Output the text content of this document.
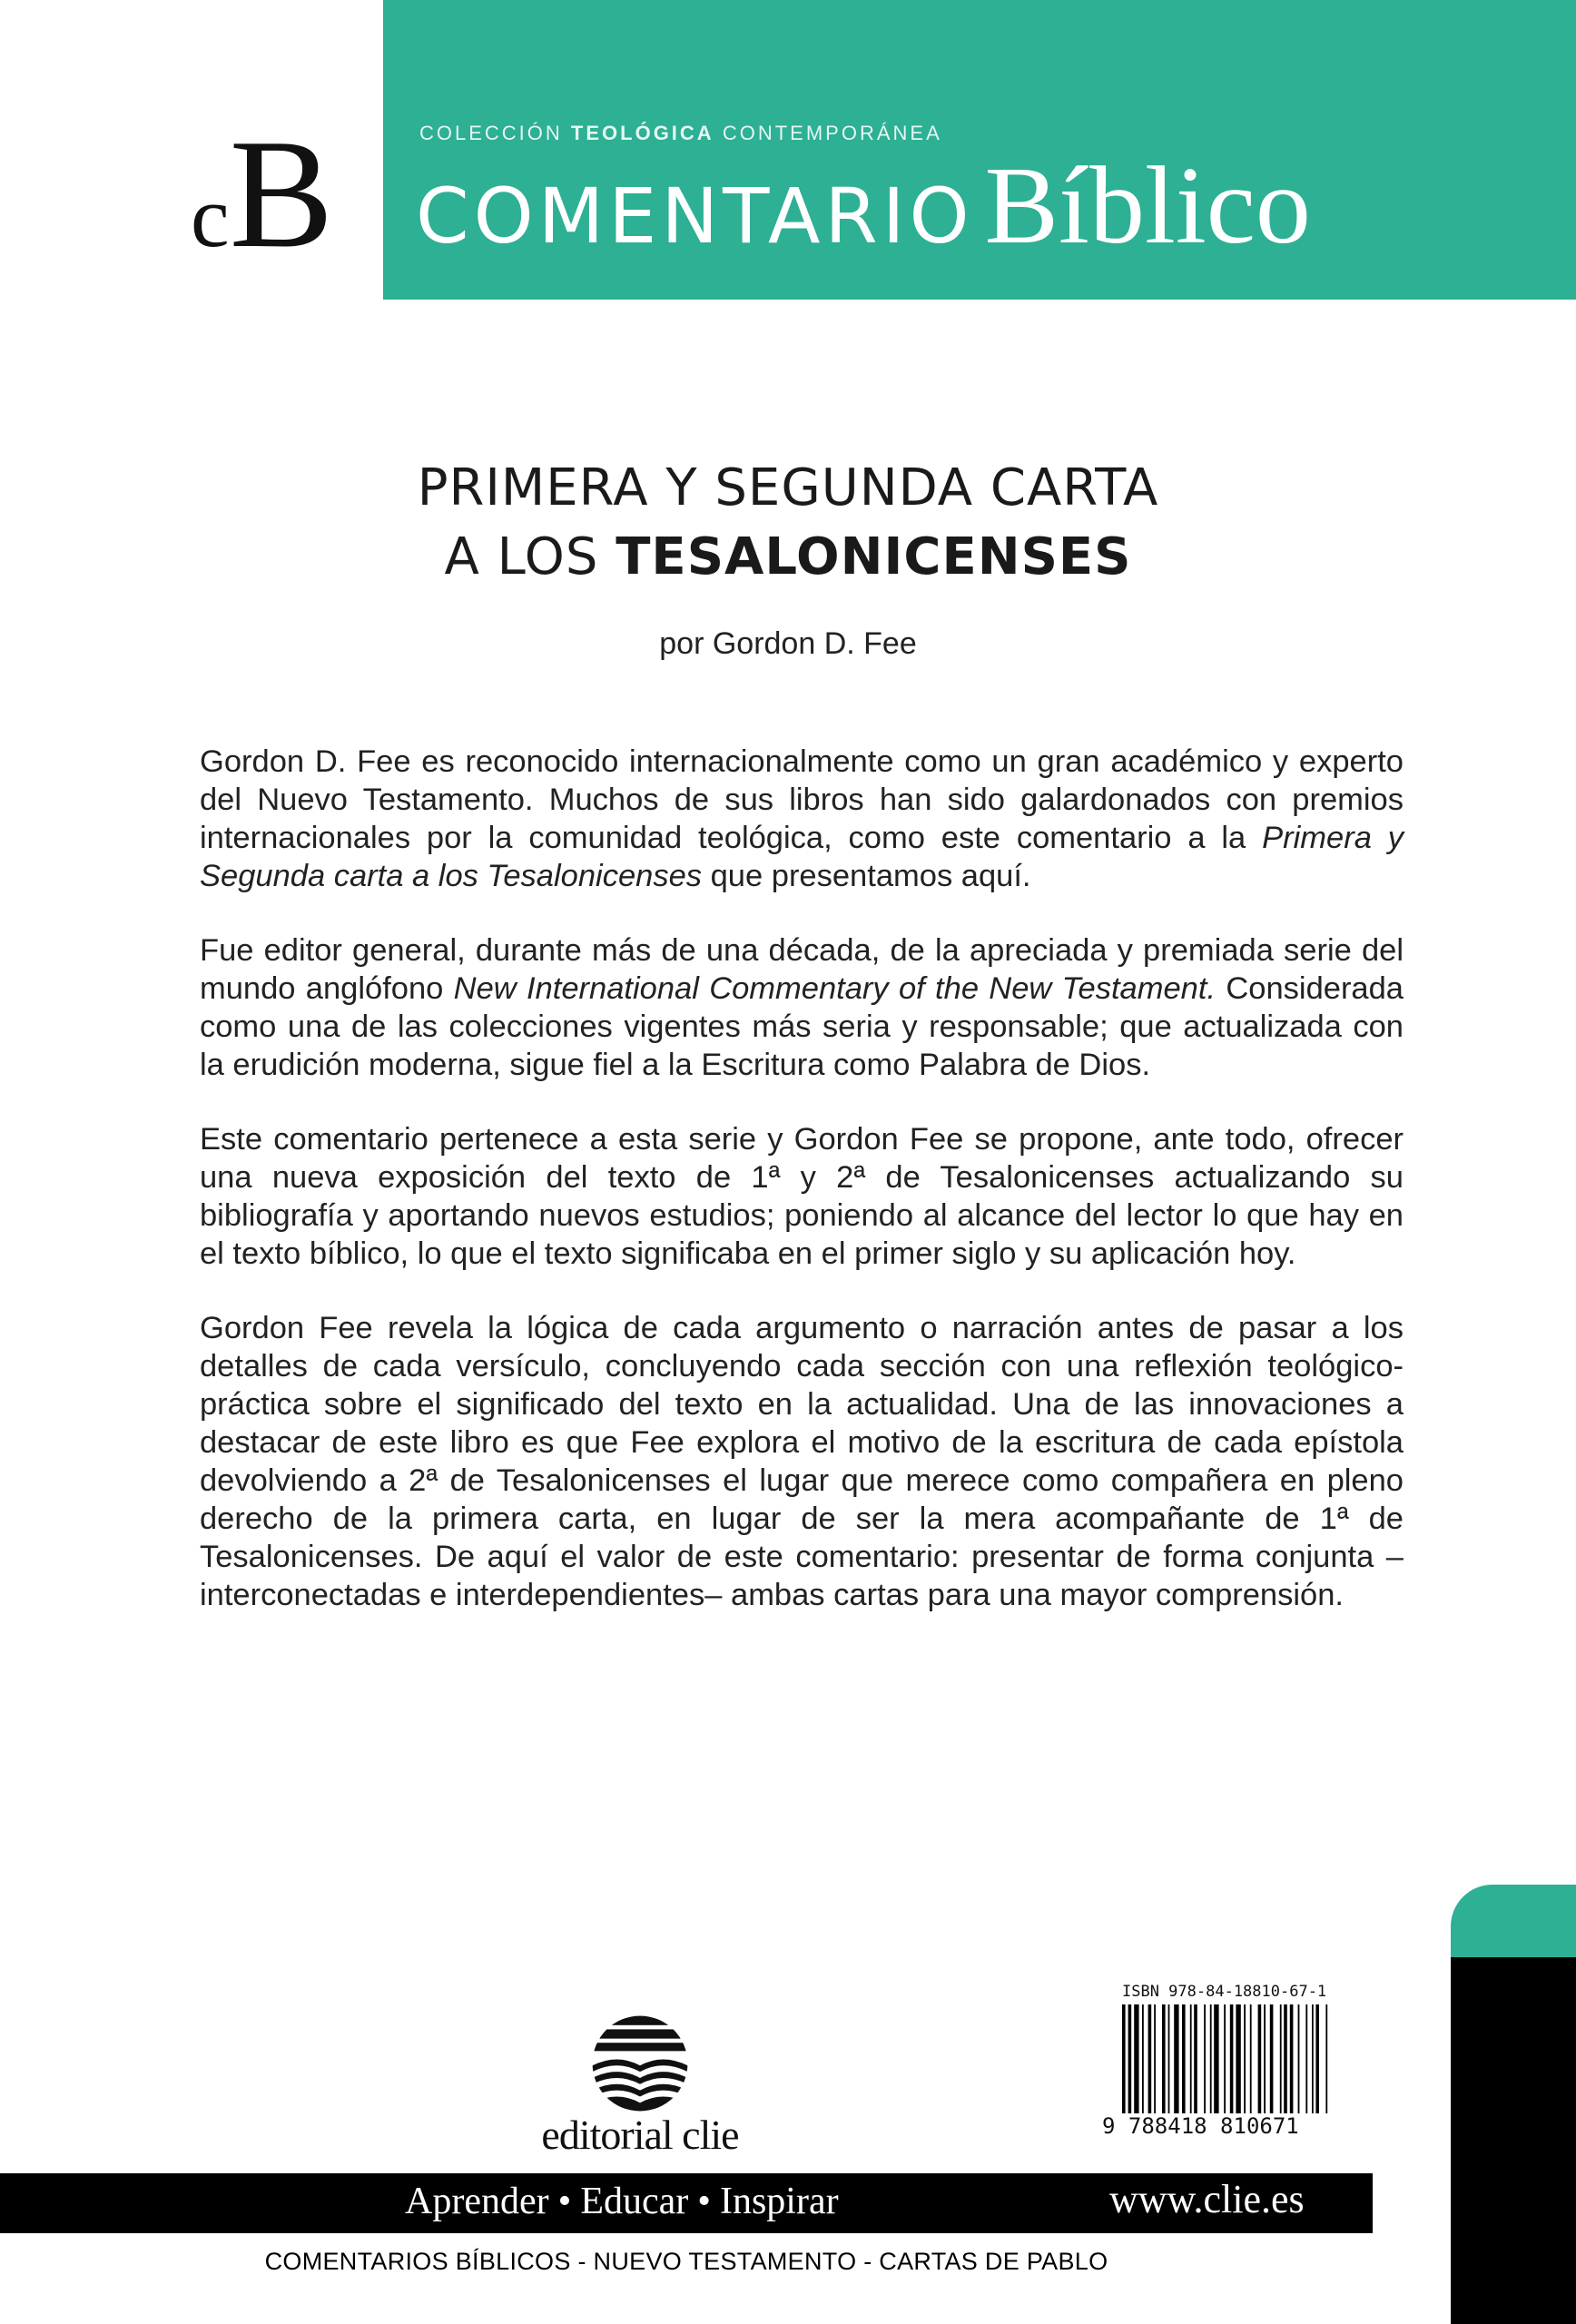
cB	COLECCIÓN TEOLÓGICA CONTEMPORÁNEA
COMENTARIOBíblico
PRIMERA Y SEGUNDA CARTA
A LOS TESALONICENSES
por Gordon D. Fee

Gordon D. Fee es reconocido internacionalmente como un gran académico y experto del Nuevo Testamento. Muchos de sus libros han sido galardonados con premios internacionales por la comunidad teológica, como este comentario a la Primera y Segunda carta a los Tesalonicenses que presentamos aquí.

Fue editor general, durante más de una década, de la apreciada y premiada serie del mundo anglófono New International Commentary of the New Testament. Considerada como una de las colecciones vigentes más seria y responsable; que actualizada con la erudición moderna, sigue fiel a la Escritura como Palabra de Dios.

Este comentario pertenece a esta serie y Gordon Fee se propone, ante todo, ofrecer una nueva exposición del texto de 1ª y 2ª de Tesalonicenses actualizando su bibliografía y aportando nuevos estudios; poniendo al alcance del lector lo que hay en el texto bíblico, lo que el texto significaba en el primer siglo y su aplicación hoy.

Gordon Fee revela la lógica de cada argumento o narración antes de pasar a los detalles de cada versículo, concluyendo cada sección con una reflexión teológico-práctica sobre el significado del texto en la actualidad. Una de las innovaciones a destacar de este libro es que Fee explora el motivo de la escritura de cada epístola devolviendo a 2ª de Tesalonicenses el lugar que merece como compañera en pleno derecho de la primera carta, en lugar de ser la mera acompañante de 1ª de Tesalonicenses. De aquí el valor de este comentario: presentar de forma conjunta –interconectadas e interdependientes– ambas cartas para una mayor comprensión.

editorial clie
ISBN 978-84-18810-67-1
9 788418 810671
Aprender • Educar • Inspirar	www.clie.es
COMENTARIOS BÍBLICOS - NUEVO TESTAMENTO - CARTAS DE PABLO
